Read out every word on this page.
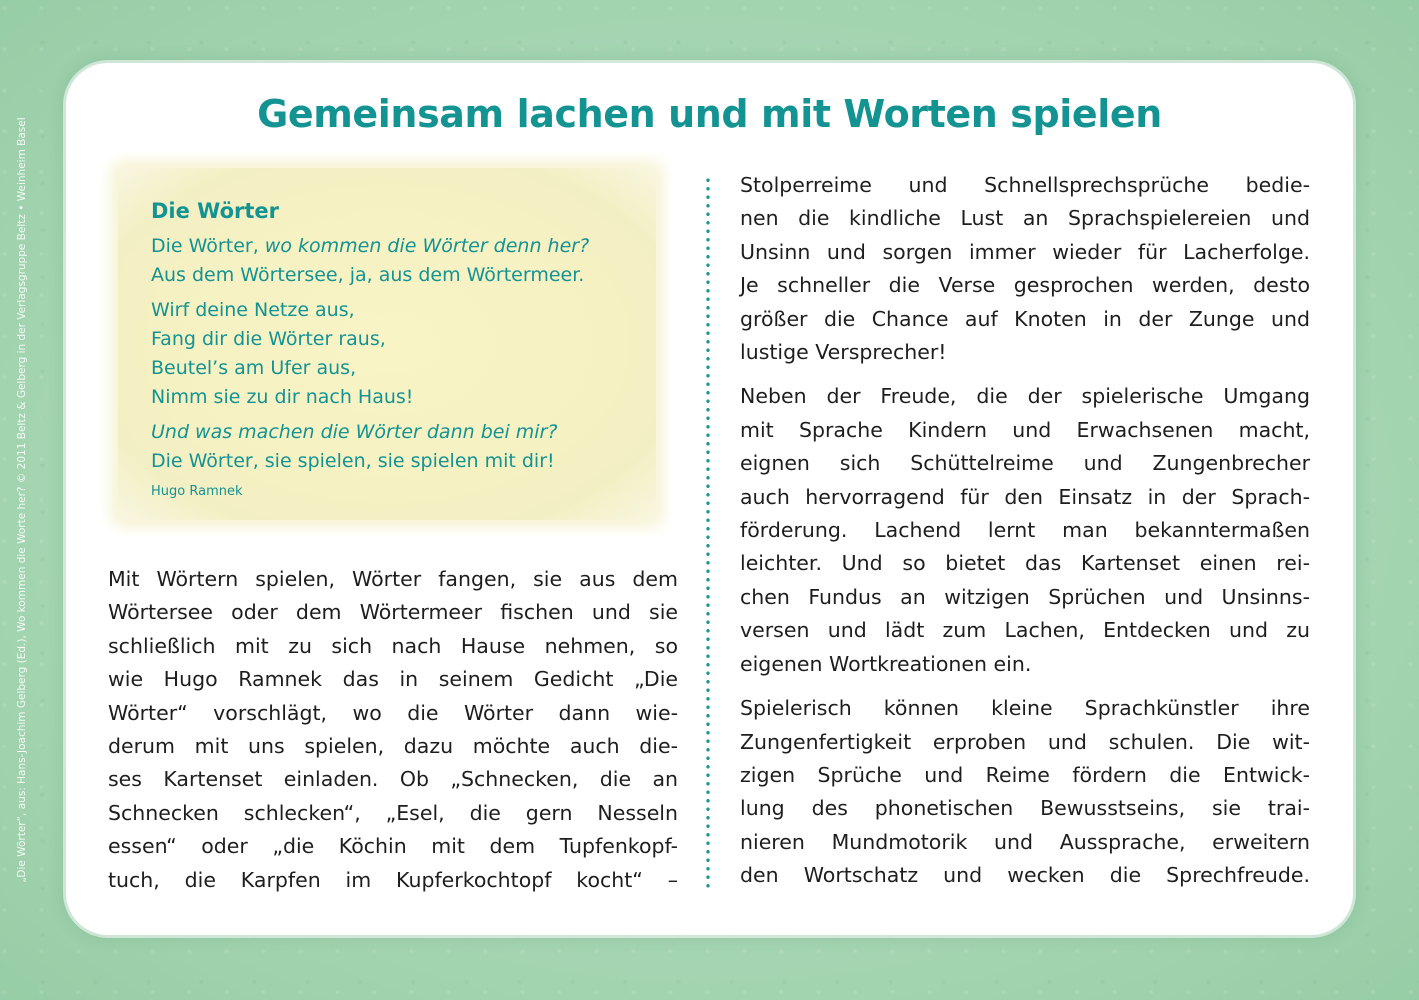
„Die Wörter“, aus: Hans-Joachim Gelberg (Ed.), Wo kommen die Worte her? © 2011 Beltz & Gelberg in der Verlagsgruppe Beltz • Weinheim Basel
Gemeinsam lachen und mit Worten spielen
Die Wörter
Die Wörter, wo kommen die Wörter denn her?
Aus dem Wörtersee, ja, aus dem Wörtermeer.
Wirf deine Netze aus,
Fang dir die Wörter raus,
Beutel’s am Ufer aus,
Nimm sie zu dir nach Haus!
Und was machen die Wörter dann bei mir?
Die Wörter, sie spielen, sie spielen mit dir!
Hugo Ramnek
Mit Wörtern spielen, Wörter fangen, sie aus dem
Wörtersee oder dem Wörtermeer fischen und sie
schließlich mit zu sich nach Hause nehmen, so
wie Hugo Ramnek das in seinem Gedicht „Die
Wörter“ vorschlägt, wo die Wörter dann wie-
derum mit uns spielen, dazu möchte auch die-
ses Kartenset einladen. Ob „Schnecken, die an
Schnecken schlecken“, „Esel, die gern Nesseln
essen“ oder „die Köchin mit dem Tupfenkopf-
tuch, die Karpfen im Kupferkochtopf kocht“ –
Stolperreime und Schnellsprechsprüche bedie-
nen die kindliche Lust an Sprachspielereien und
Unsinn und sorgen immer wieder für Lacherfolge.
Je schneller die Verse gesprochen werden, desto
größer die Chance auf Knoten in der Zunge und
lustige Versprecher!
Neben der Freude, die der spielerische Umgang
mit Sprache Kindern und Erwachsenen macht,
eignen sich Schüttelreime und Zungenbrecher
auch hervorragend für den Einsatz in der Sprach-
förderung. Lachend lernt man bekanntermaßen
leichter. Und so bietet das Kartenset einen rei-
chen Fundus an witzigen Sprüchen und Unsinns-
versen und lädt zum Lachen, Entdecken und zu
eigenen Wortkreationen ein.
Spielerisch können kleine Sprachkünstler ihre
Zungenfertigkeit erproben und schulen. Die wit-
zigen Sprüche und Reime fördern die Entwick-
lung des phonetischen Bewusstseins, sie trai-
nieren Mundmotorik und Aussprache, erweitern
den Wortschatz und wecken die Sprechfreude.
